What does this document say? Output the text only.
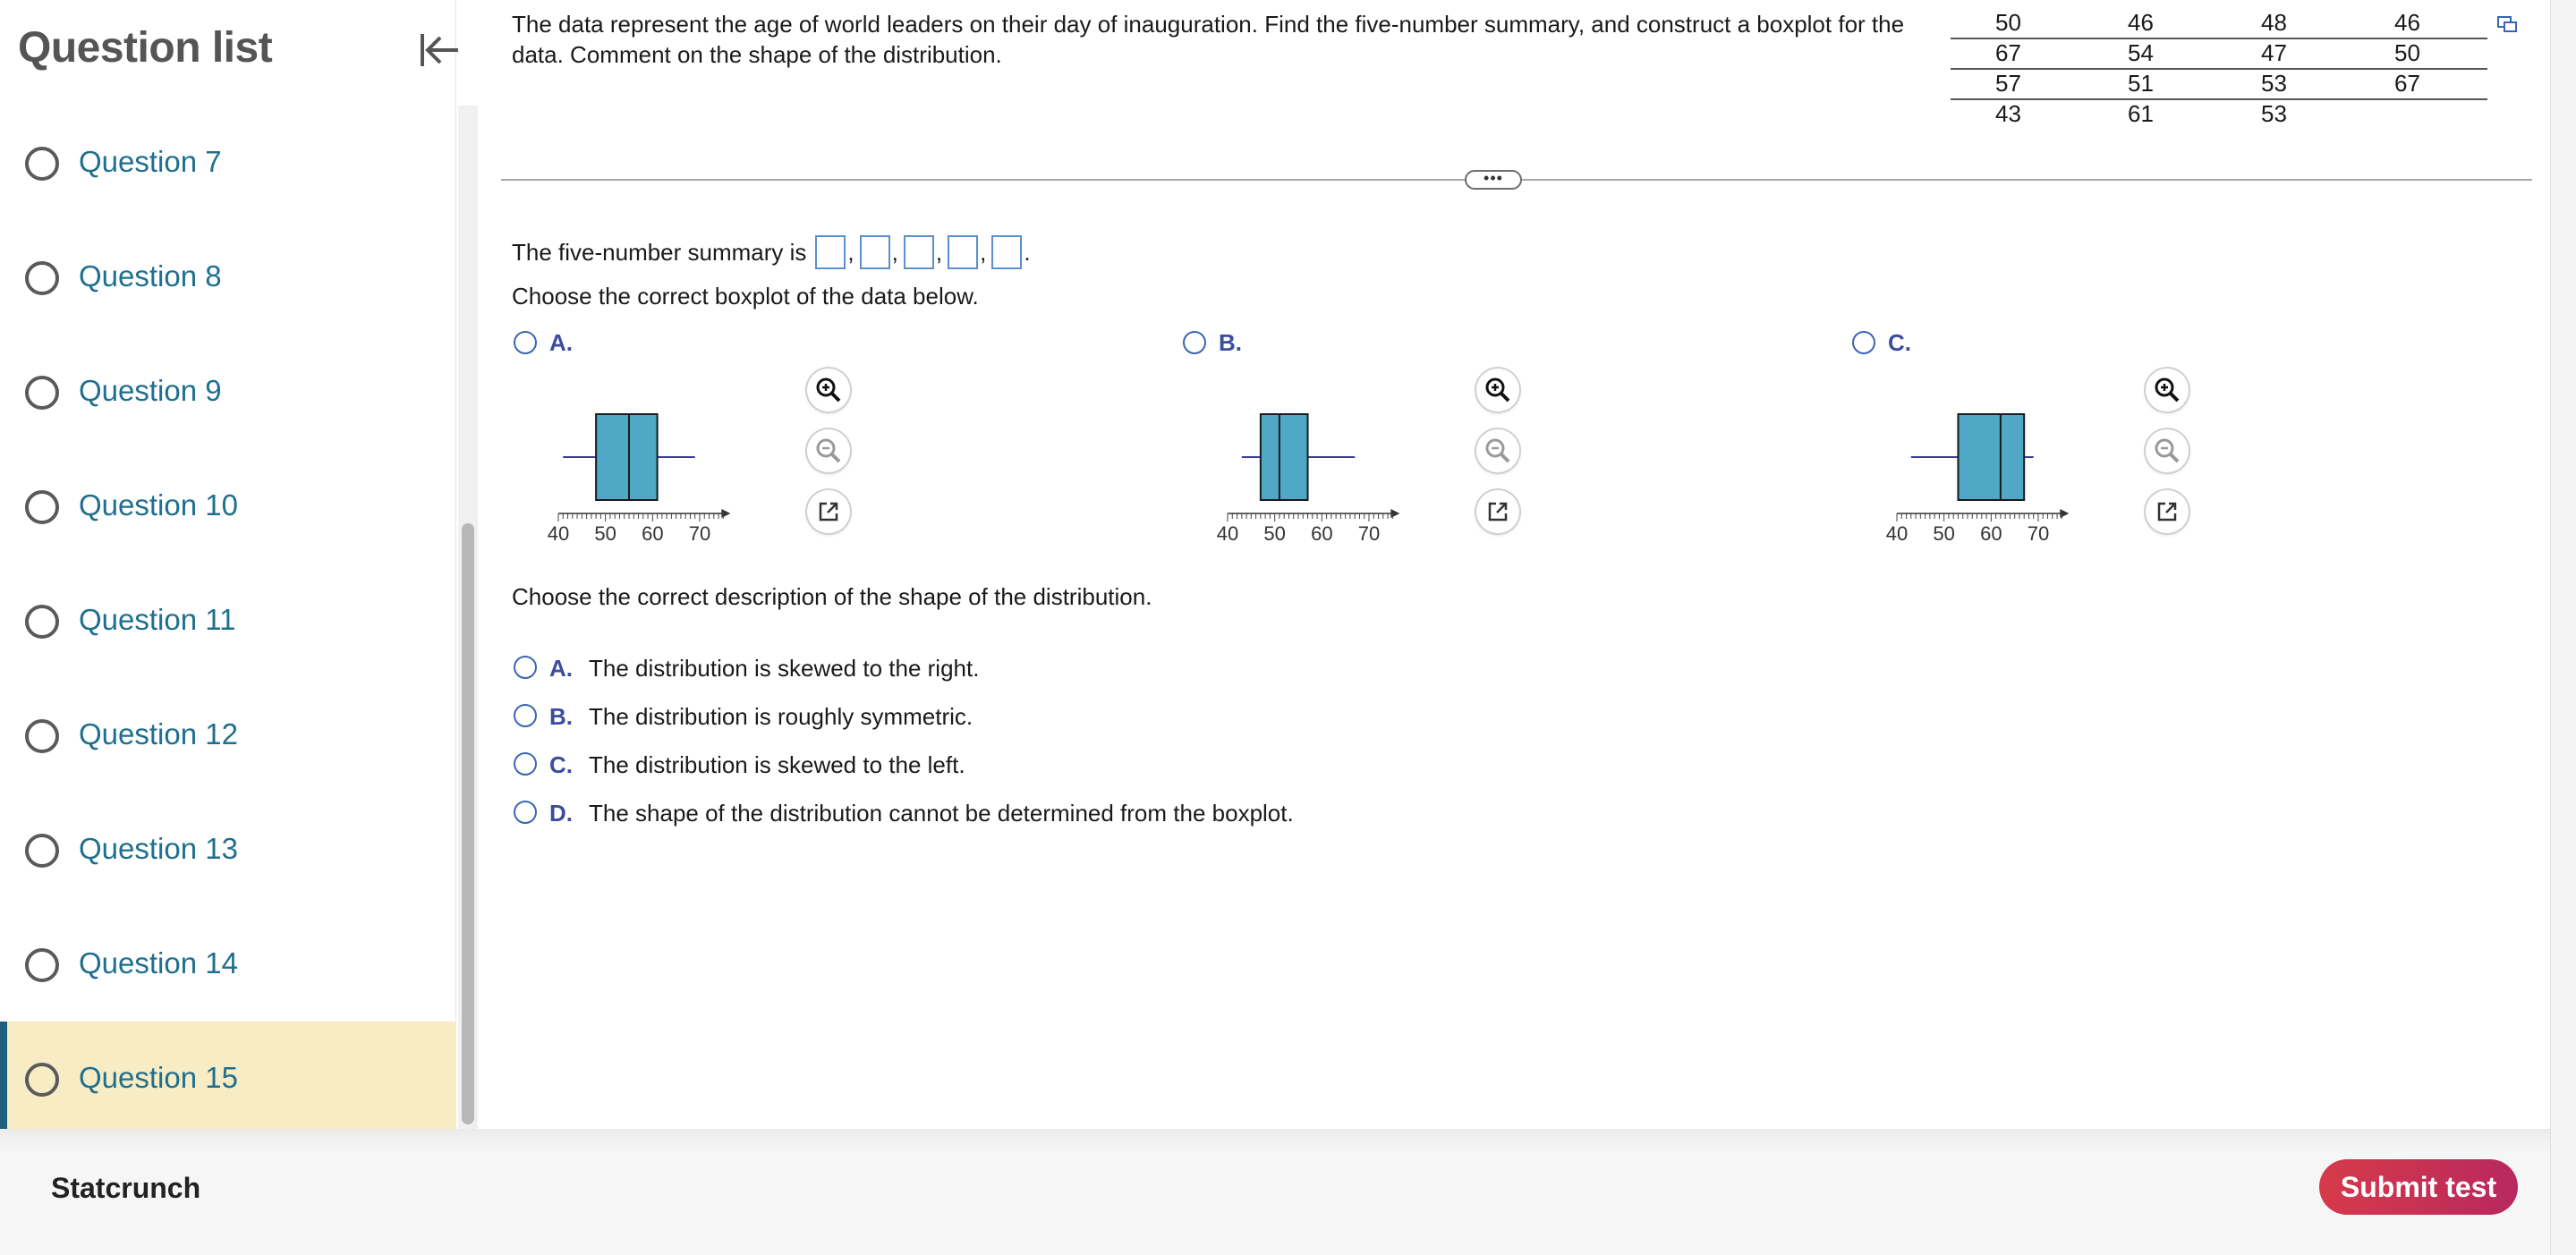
Question list
Question 7
Question 8
Question 9
Question 10
Question 11
Question 12
Question 13
Question 14
Question 15
The data represent the age of world leaders on their day of inauguration. Find the five-number summary, and construct a boxplot for the data. Comment on the shape of the distribution.
50	46	48	46
67	54	47	50
57	51	53	67
43	61	53
•••
The five-number summary is , , , , .
Choose the correct boxplot of the data below.
A.
40 50 60 70
B.
40 50 60 70
C.
40 50 60 70
Choose the correct description of the shape of the distribution.
A. The distribution is skewed to the right.
B. The distribution is roughly symmetric.
C. The distribution is skewed to the left.
D. The shape of the distribution cannot be determined from the boxplot.
Statcrunch	Submit test
